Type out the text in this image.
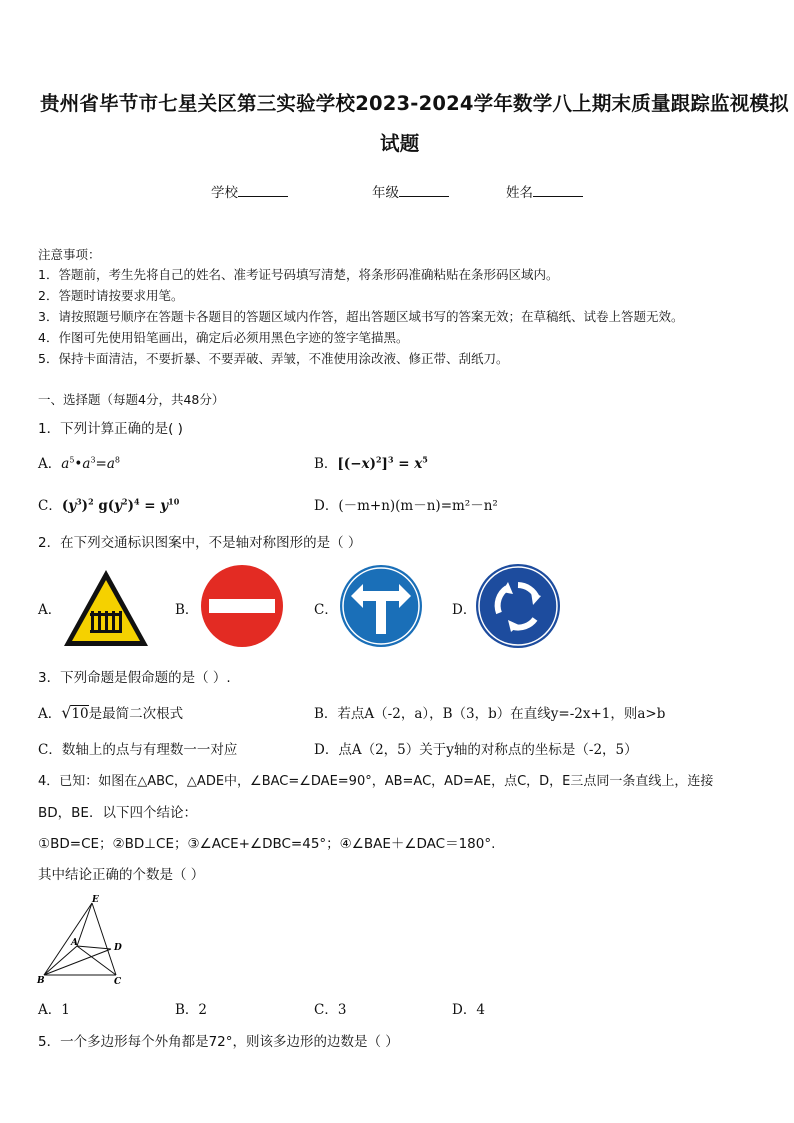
贵州省毕节市七星关区第三实验学校2023-2024学年数学八上期末质量跟踪监视模拟
试题
学校	年级	姓名
注意事项：
1．答题前，考生先将自己的姓名、准考证号码填写清楚，将条形码准确粘贴在条形码区域内。
2．答题时请按要求用笔。
3．请按照题号顺序在答题卡各题目的答题区域内作答，超出答题区域书写的答案无效；在草稿纸、试卷上答题无效。
4．作图可先使用铅笔画出，确定后必须用黑色字迹的签字笔描黑。
5．保持卡面清洁，不要折暴、不要弄破、弄皱，不准使用涂改液、修正带、刮纸刀。
一、选择题（每题4分，共48分）
1．下列计算正确的是( )
A．$a^5•a^3=a^8$	B．$[(-x)^2]^3 = x^5$
C．$(y^3)^2$ $g(y^2)^4 = y^{10}$	D．(－m+n)(m－n)=m²－n²
2．在下列交通标识图案中，不是轴对称图形的是（ ）
A．	B．	C．	D．
3．下列命题是假命题的是（ ）.
A．√10是最简二次根式	B．若点A（-2，a），B（3，b）在直线y=-2x+1，则a>b
C．数轴上的点与有理数一一对应	D．点A（2，5）关于y轴的对称点的坐标是（-2，5）
4．已知：如图在△ABC，△ADE中，∠BAC=∠DAE=90°，AB=AC，AD=AE，点C，D，E三点同一条直线上，连接
BD，BE．以下四个结论：
①BD=CE；②BD⊥CE；③∠ACE+∠DBC=45°；④∠BAE＋∠DAC＝180°.
其中结论正确的个数是（ ）
E
A	D
B	C
A．1	B．2	C．3	D．4
5．一个多边形每个外角都是72°，则该多边形的边数是（ ）
